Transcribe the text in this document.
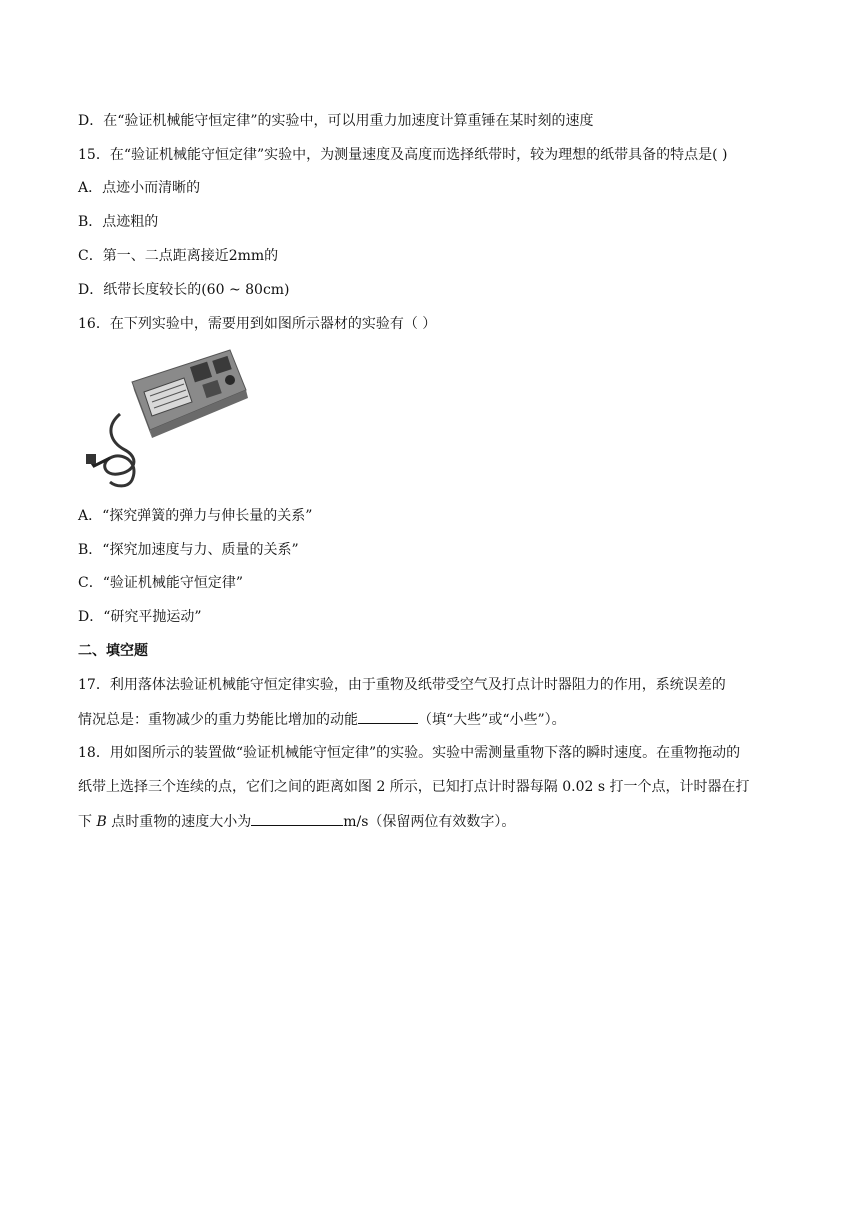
D．在“验证机械能守恒定律”的实验中，可以用重力加速度计算重锤在某时刻的速度
15．在“验证机械能守恒定律”实验中，为测量速度及高度而选择纸带时，较为理想的纸带具备的特点是( )
A．点迹小而清晰的
B．点迹粗的
C．第一、二点距离接近2mm的
D．纸带长度较长的(60 ~ 80cm)
16．在下列实验中，需要用到如图所示器材的实验有（ ）
A．“探究弹簧的弹力与伸长量的关系”
B．“探究加速度与力、质量的关系”
C．“验证机械能守恒定律”
D．“研究平抛运动”
二、填空题
17．利用落体法验证机械能守恒定律实验，由于重物及纸带受空气及打点计时器阻力的作用，系统误差的
情况总是：重物减少的重力势能比增加的动能	（填“大些”或“小些”）。
18．用如图所示的装置做“验证机械能守恒定律”的实验。实验中需测量重物下落的瞬时速度。在重物拖动的
纸带上选择三个连续的点，它们之间的距离如图 2 所示，已知打点计时器每隔 0.02 s 打一个点，计时器在打
下 B 点时重物的速度大小为	m/s（保留两位有效数字）。
